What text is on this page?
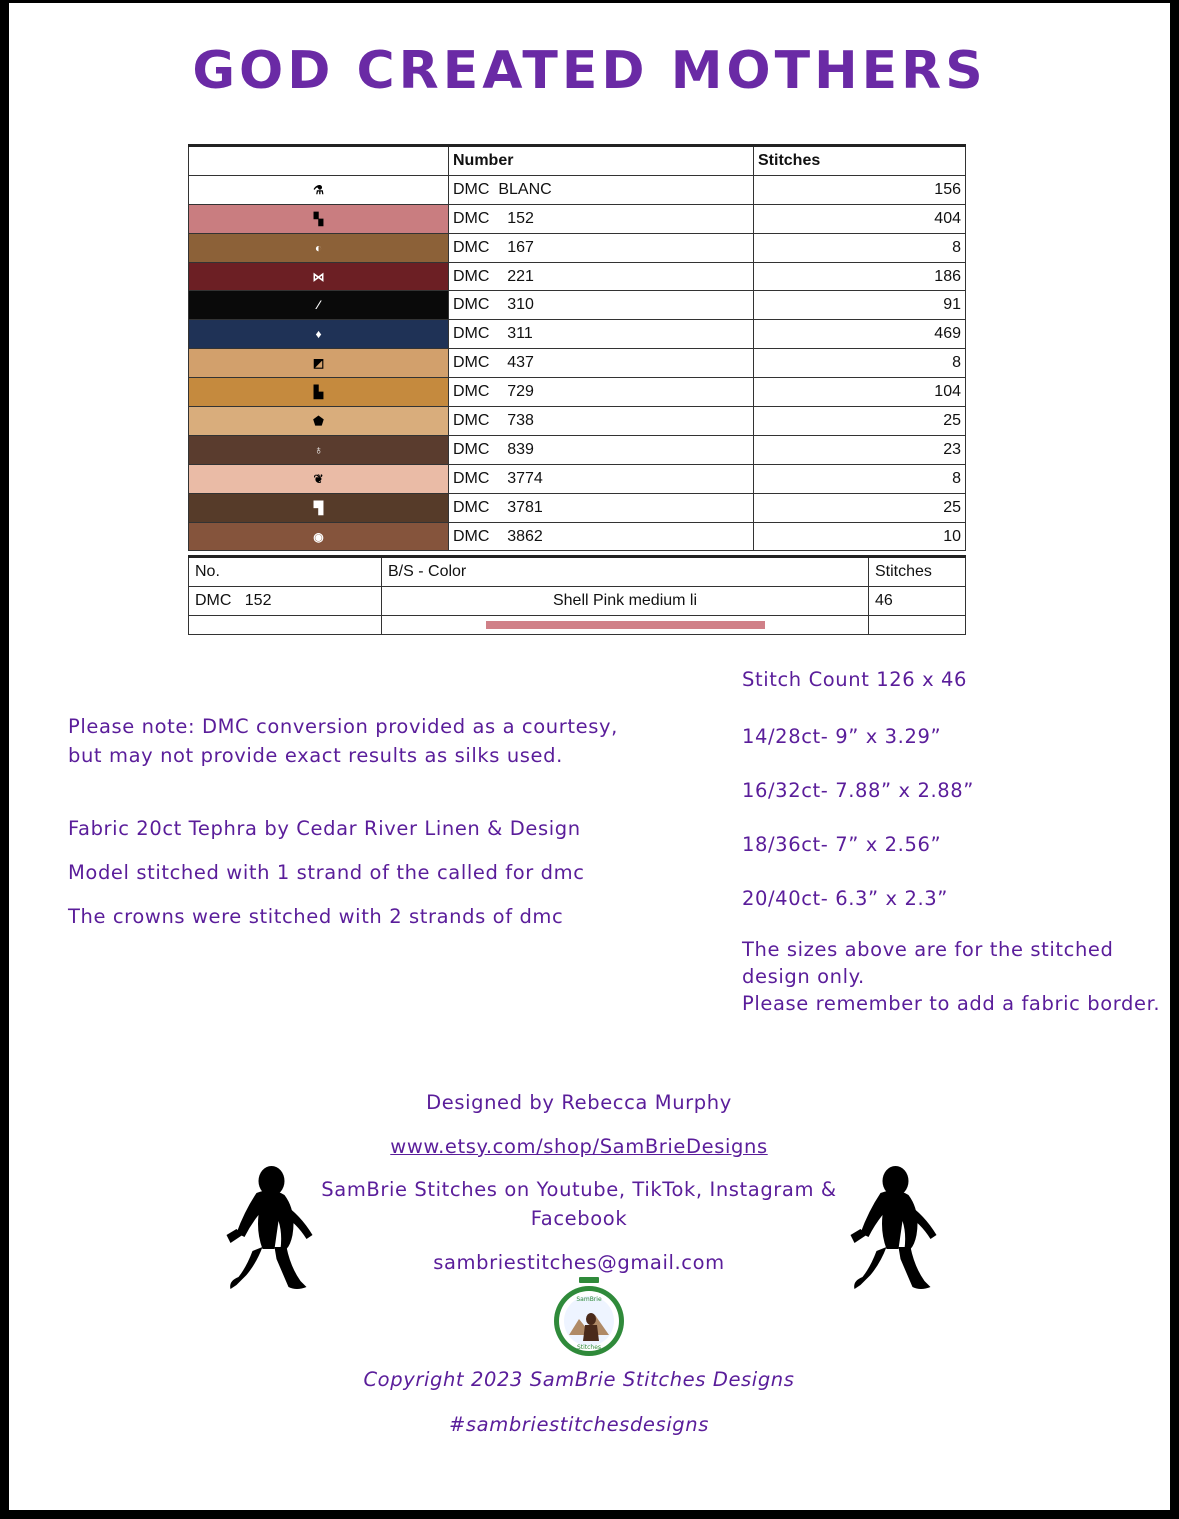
GOD CREATED MOTHERS
	Number	Stitches

⚗	DMC  BLANC	156

▚	DMC    152	404

◐	DMC    167	8

⋈	DMC    221	186

⁄	DMC    310	91

♦	DMC    311	469

◩	DMC    437	8

▙	DMC    729	104

⬟	DMC    738	25

♁	DMC    839	23

❦	DMC    3774	8

▜	DMC    3781	25

◉	DMC    3862	10
No.	B/S - Color	Stitches
DMC   152	Shell Pink medium li	46

Please note: DMC conversion provided as a courtesy, but may not provide exact results as silks used.

Fabric 20ct Tephra by Cedar River Linen & Design

Model stitched with 1 strand of the called for dmc

The crowns were stitched with 2 strands of dmc

Stitch Count 126 x 46

14/28ct- 9” x 3.29”

16/32ct- 7.88” x 2.88”

18/36ct- 7” x 2.56”

20/40ct- 6.3” x 2.3”

The sizes above are for the stitched design only.
Please remember to add a fabric border.

Designed by Rebecca Murphy
www.etsy.com/shop/SamBrieDesigns
SamBrie Stitches on Youtube, TikTok, Instagram & Facebook
sambriestitches@gmail.com
SamBrie
Stitches
Copyright 2023 SamBrie Stitches Designs
#sambriestitchesdesigns
